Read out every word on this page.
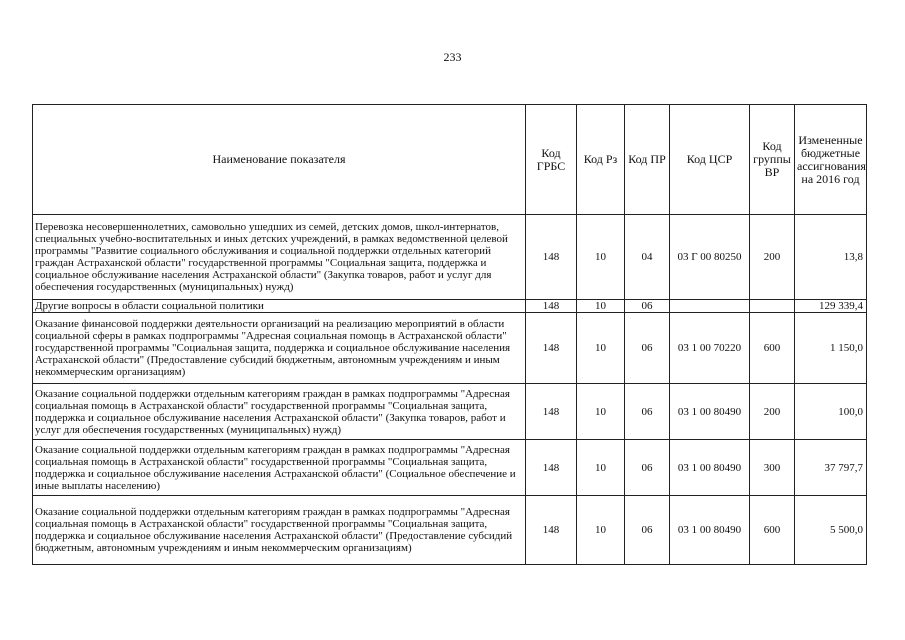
233
Наименование показателя	Код ГРБС	Код Рз	Код ПР	Код ЦСР	Код группы ВР	Измененные бюджетные ассигнования на 2016 год
Перевозка несовершеннолетних, самовольно ушедших из семей, детских домов, школ-интернатов, специальных учебно-воспитательных и иных детских учреждений, в рамках ведомственной целевой программы "Развитие социального обслуживания и социальной поддержки отдельных категорий граждан Астраханской области" государственной программы "Социальная защита, поддержка и социальное обслуживание населения Астраханской области" (Закупка товаров, работ и услуг для обеспечения государственных (муниципальных) нужд)	148	10	04	03 Г 00 80250	200	13,8
Другие вопросы в области социальной политики	148	10	06			129 339,4
Оказание финансовой поддержки деятельности организаций на реализацию мероприятий в области социальной сферы в рамках подпрограммы "Адресная социальная помощь в Астраханской области" государственной программы "Социальная защита, поддержка и социальное обслуживание населения Астраханской области" (Предоставление субсидий бюджетным, автономным учреждениям и иным некоммерческим организациям)	148	10	06	03 1 00 70220	600	1 150,0
Оказание социальной поддержки отдельным категориям граждан в рамках подпрограммы "Адресная социальная помощь в Астраханской области" государственной программы "Социальная защита, поддержка и социальное обслуживание населения Астраханской области" (Закупка товаров, работ и услуг для обеспечения государственных (муниципальных) нужд)	148	10	06	03 1 00 80490	200	100,0
Оказание социальной поддержки отдельным категориям граждан в рамках подпрограммы "Адресная социальная помощь в Астраханской области" государственной программы "Социальная защита, поддержка и социальное обслуживание населения Астраханской области" (Социальное обеспечение и иные выплаты населению)	148	10	06	03 1 00 80490	300	37 797,7
Оказание социальной поддержки отдельным категориям граждан в рамках подпрограммы "Адресная социальная помощь в Астраханской области" государственной программы "Социальная защита, поддержка и социальное обслуживание населения Астраханской области" (Предоставление субсидий бюджетным, автономным учреждениям и иным некоммерческим организациям)	148	10	06	03 1 00 80490	600	5 500,0
